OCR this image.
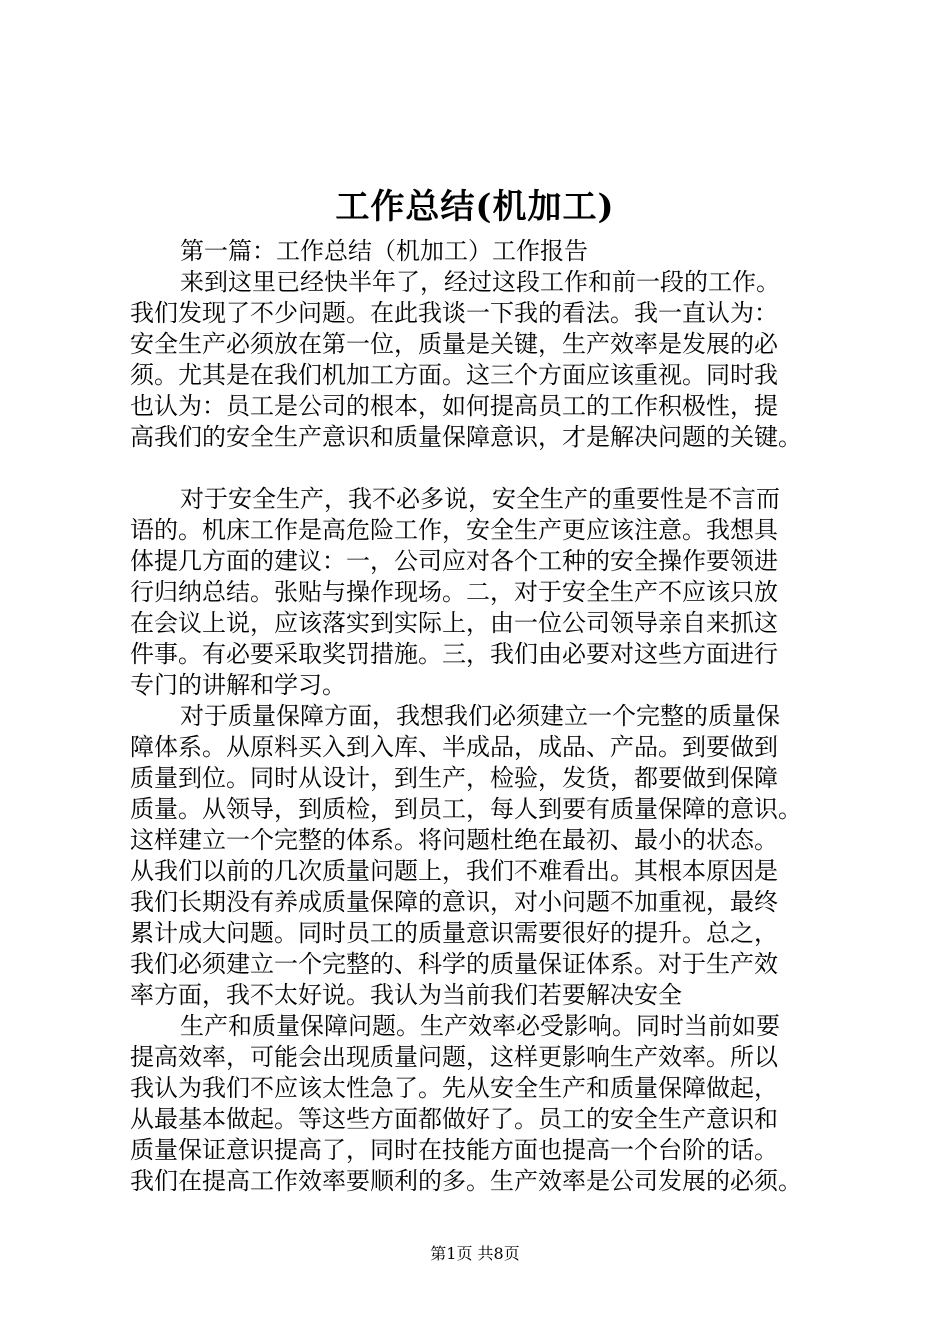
工作总结(机加工)
第一篇：工作总结（机加工）工作报告
来到这里已经快半年了，经过这段工作和前一段的工作。
我们发现了不少问题。在此我谈一下我的看法。我一直认为：
安全生产必须放在第一位，质量是关键，生产效率是发展的必
须。尤其是在我们机加工方面。这三个方面应该重视。同时我
也认为：员工是公司的根本，如何提高员工的工作积极性，提
高我们的安全生产意识和质量保障意识，才是解决问题的关键。
对于安全生产，我不必多说，安全生产的重要性是不言而
语的。机床工作是高危险工作，安全生产更应该注意。我想具
体提几方面的建议：一，公司应对各个工种的安全操作要领进
行归纳总结。张贴与操作现场。二，对于安全生产不应该只放
在会议上说，应该落实到实际上，由一位公司领导亲自来抓这
件事。有必要采取奖罚措施。三，我们由必要对这些方面进行
专门的讲解和学习。
对于质量保障方面，我想我们必须建立一个完整的质量保
障体系。从原料买入到入库、半成品，成品、产品。到要做到
质量到位。同时从设计，到生产，检验，发货，都要做到保障
质量。从领导，到质检，到员工，每人到要有质量保障的意识。
这样建立一个完整的体系。将问题杜绝在最初、最小的状态。
从我们以前的几次质量问题上，我们不难看出。其根本原因是
我们长期没有养成质量保障的意识，对小问题不加重视，最终
累计成大问题。同时员工的质量意识需要很好的提升。总之，
我们必须建立一个完整的、科学的质量保证体系。对于生产效
率方面，我不太好说。我认为当前我们若要解决安全
生产和质量保障问题。生产效率必受影响。同时当前如要
提高效率，可能会出现质量问题，这样更影响生产效率。所以
我认为我们不应该太性急了。先从安全生产和质量保障做起，
从最基本做起。等这些方面都做好了。员工的安全生产意识和
质量保证意识提高了，同时在技能方面也提高一个台阶的话。
我们在提高工作效率要顺利的多。生产效率是公司发展的必须。
第1页 共8页
